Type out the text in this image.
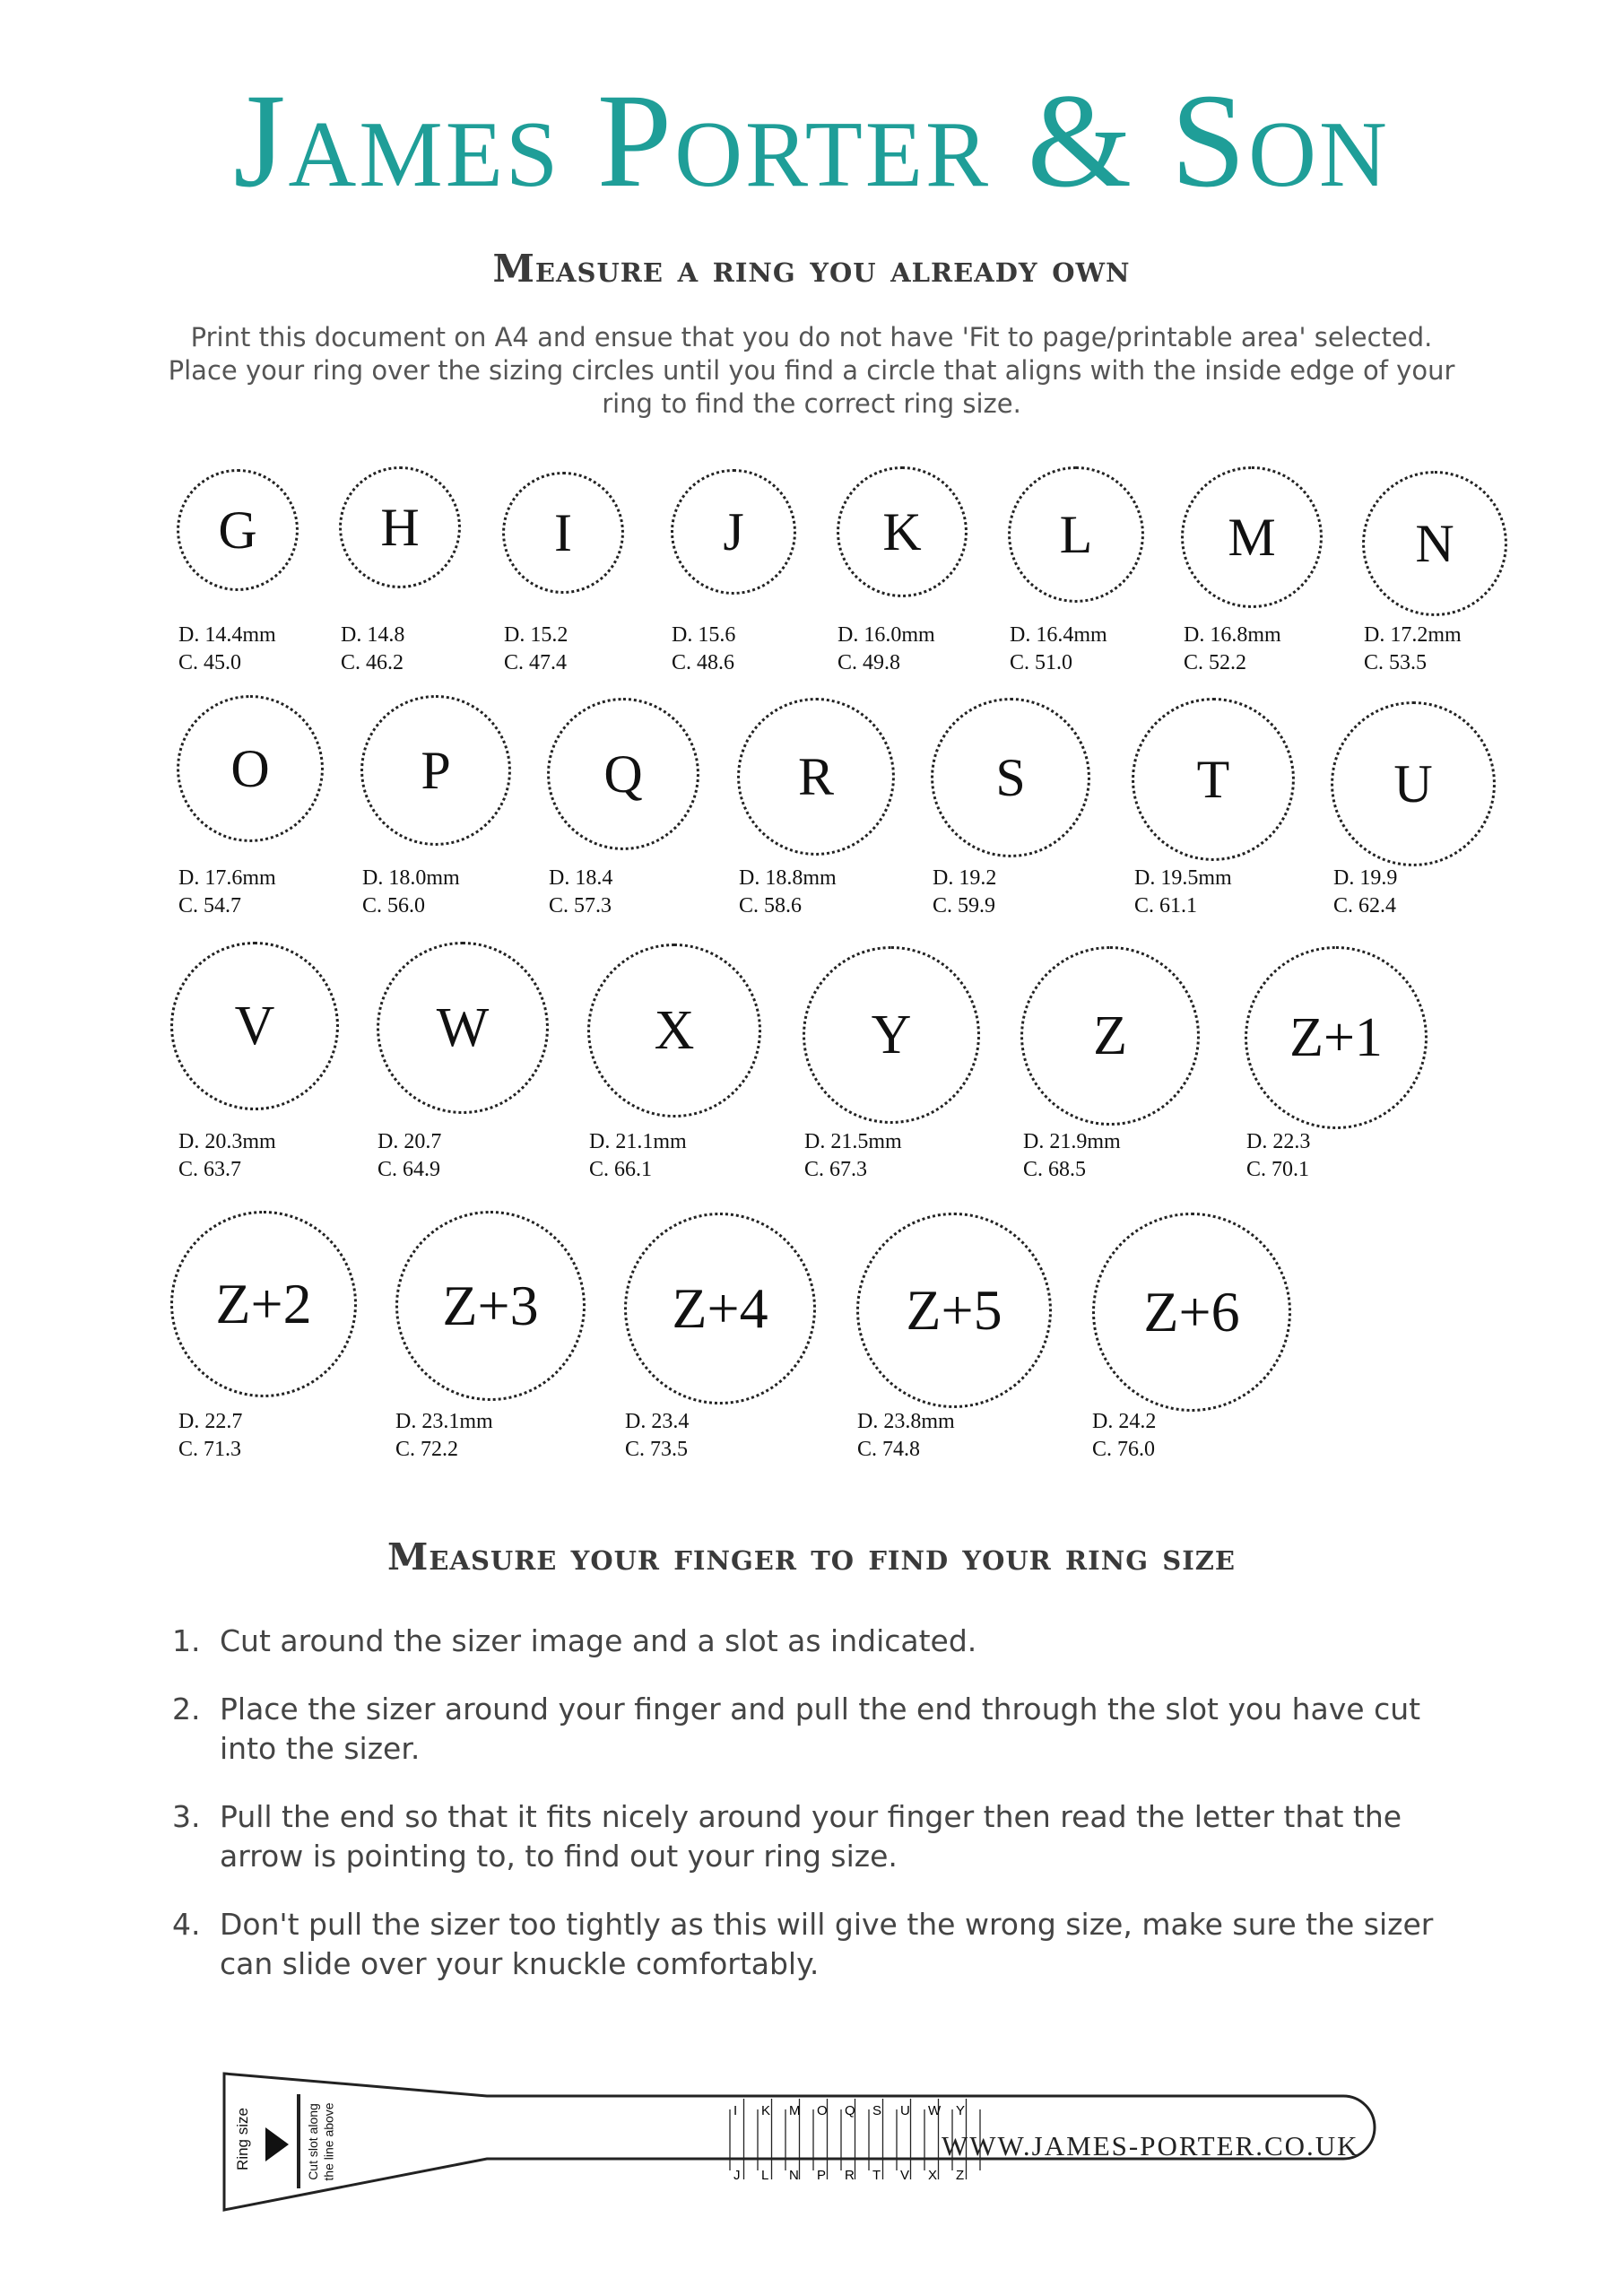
James Porter & Son
Measure a ring you already own
Print this document on A4 and ensue that you do not have 'Fit to page/printable area' selected. Place your ring over the sizing circles until you find a circle that aligns with the inside edge of your ring to find the correct ring size.
G
D. 14.4mm
C. 45.0
H
D. 14.8
C. 46.2
I
D. 15.2
C. 47.4
J
D. 15.6
C. 48.6
K
D. 16.0mm
C. 49.8
L
D. 16.4mm
C. 51.0
M
D. 16.8mm
C. 52.2
N
D. 17.2mm
C. 53.5
O
D. 17.6mm
C. 54.7
P
D. 18.0mm
C. 56.0
Q
D. 18.4
C. 57.3
R
D. 18.8mm
C. 58.6
S
D. 19.2
C. 59.9
T
D. 19.5mm
C. 61.1
U
D. 19.9
C. 62.4
V
D. 20.3mm
C. 63.7
W
D. 20.7
C. 64.9
X
D. 21.1mm
C. 66.1
Y
D. 21.5mm
C. 67.3
Z
D. 21.9mm
C. 68.5
Z+1
D. 22.3
C. 70.1
Z+2
D. 22.7
C. 71.3
Z+3
D. 23.1mm
C. 72.2
Z+4
D. 23.4
C. 73.5
Z+5
D. 23.8mm
C. 74.8
Z+6
D. 24.2
C. 76.0
Measure your finger to find your ring size
1. Cut around the sizer image and a slot as indicated.
2. Place the sizer around your finger and pull the end through the slot you have cut into the sizer.
3. Pull the end so that it fits nicely around your finger then read the letter that the arrow is pointing to, to find out your ring size.
4. Don't pull the sizer too tightly as this will give the wrong size, make sure the sizer can slide over your knuckle comfortably.
I K M O Q S U W Y
J L N P R T V X Z
Ring size	Cut slot along the line above	WWW.JAMES-PORTER.CO.UK
